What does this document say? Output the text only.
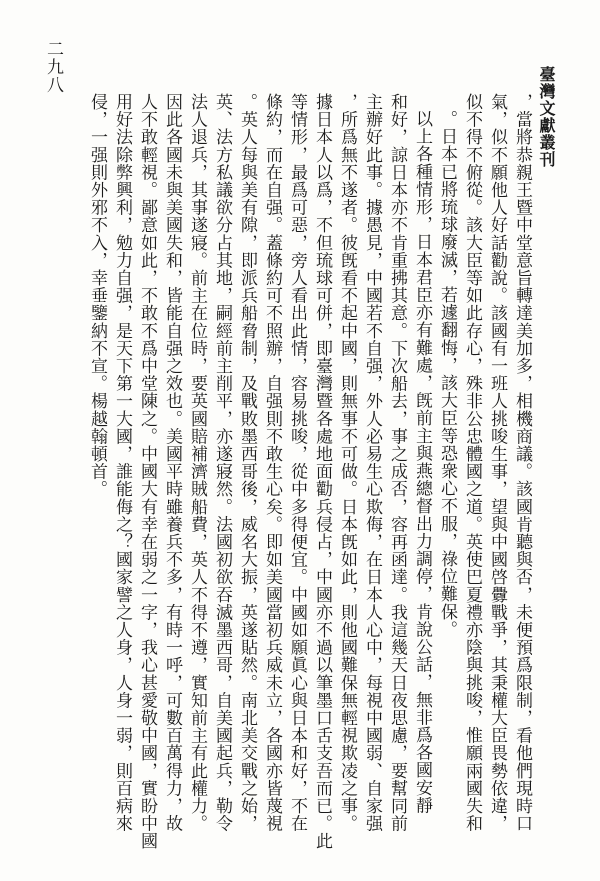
臺灣文獻叢刊
二九八
，當將恭親王暨中堂意旨轉達美加多，相機商議。該國肯聽與否，未便預爲限制，看他們現時口
氣，似不願他人好話勸說。該國有一班人挑唆生事，望與中國啓釁戰爭，其秉權大臣畏勢依違，
似不得不俯從。該大臣等如此存心，殊非公忠體國之道。英使巴夏禮亦陰與挑唆，惟願兩國失和
。日本已將琉球廢滅，若遽翻悔，該大臣等恐衆心不服，祿位難保。
以上各種情形，日本君臣亦有難處，旣前主與燕總督出力調停，肯說公話，無非爲各國安靜
和好，諒日本亦不肯重拂其意。下次船去，事之成否，容再函達。我這幾天日夜思慮，要幫同前
主辦好此事。據愚見，中國若不自强，外人必易生心欺侮，在日本人心中，每視中國弱、自家强
，所爲無不遂者。彼旣看不起中國，則無事不可做。日本旣如此，則他國難保無輕視欺凌之事。
據日本人以爲，不但琉球可併，即臺灣暨各處地面勸兵侵占，中國亦不過以筆墨口舌支吾而已。此
等情形，最爲可惡，旁人看出此情，容易挑唆，從中多得便宜。中國如願眞心與日本和好，不在
條約，而在自强。蓋條約可不照辦，自强則不敢生心矣。即如美國當初兵威未立，各國亦皆蔑視
。英人每與美有隙，即派兵船脅制，及戰敗墨西哥後，威名大振，英遂貼然。南北美交戰之始，
英、法方私議欲分占其地，嗣經前主削平，亦遂寢然。法國初欲吞滅墨西哥，自美國起兵，勒令
法人退兵，其事遂寢。前主在位時，要英國賠補濟賊船費，英人不得不遵，實知前主有此權力。
因此各國未與美國失和，皆能自强之效也。美國平時雖養兵不多，有時一呼，可數百萬得力，故
人不敢輕視。鄙意如此，不敢不爲中堂陳之。中國大有幸在弱之一字，我心甚愛敬中國，實盼中國
用好法除弊興利，勉力自强，是天下第一大國，誰能侮之？國家譬之人身，人身一弱，則百病來
侵，一强則外邪不入，幸垂鑒納不宣。楊越翰頓首。
